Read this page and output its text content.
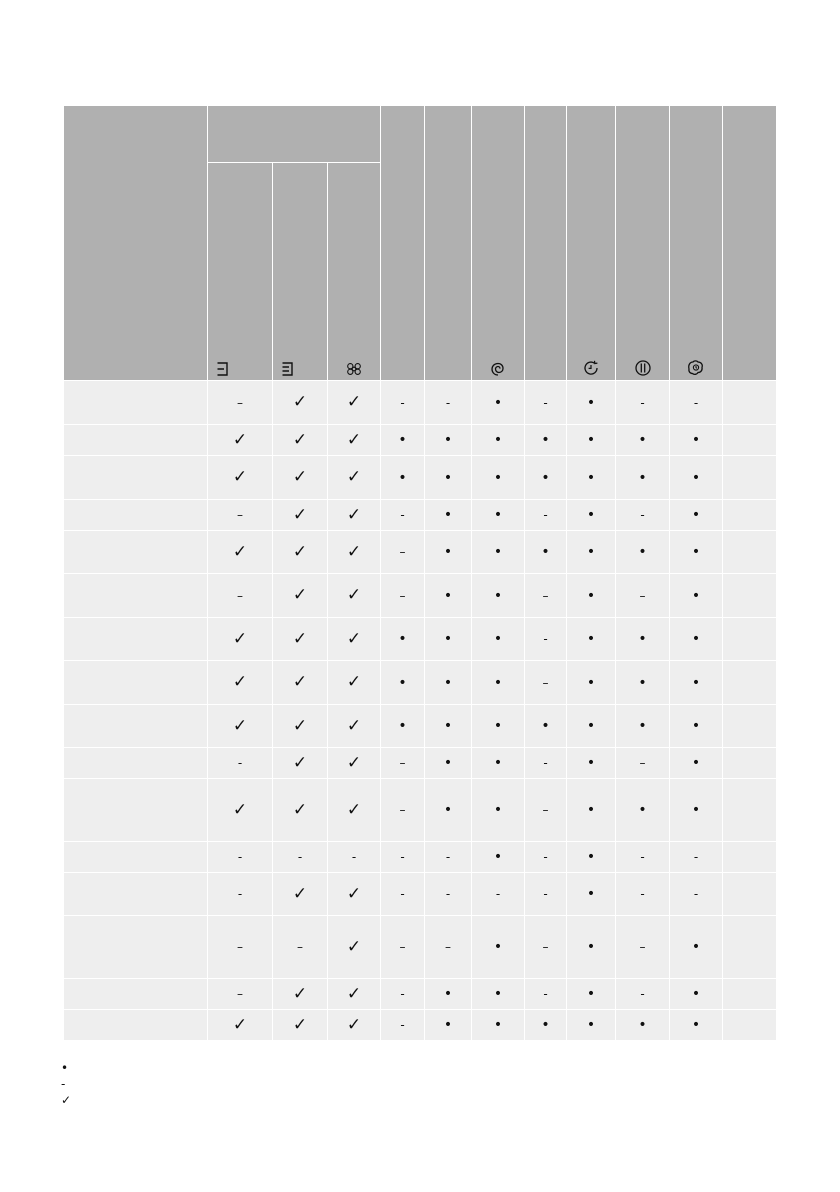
	–	✓	✓	-	-	•	-	•	-	-	
	✓	✓	✓	•	•	•	•	•	•	•	
	✓	✓	✓	•	•	•	•	•	•	•	
	–	✓	✓	-	•	•	-	•	-	•	
	✓	✓	✓	–	•	•	•	•	•	•	
	–	✓	✓	–	•	•	–	•	–	•	
	✓	✓	✓	•	•	•	-	•	•	•	
	✓	✓	✓	•	•	•	–	•	•	•	
	✓	✓	✓	•	•	•	•	•	•	•	
	-	✓	✓	–	•	•	-	•	–	•	
	✓	✓	✓	–	•	•	–	•	•	•	
	-	-	-	-	-	•	-	•	-	-	
	-	✓	✓	-	-	-	-	•	-	-	
	–	–	✓	–	–	•	–	•	–	•	
	–	✓	✓	-	•	•	-	•	-	•	
	✓	✓	✓	-	•	•	•	•	•	•	
•
-
✓
